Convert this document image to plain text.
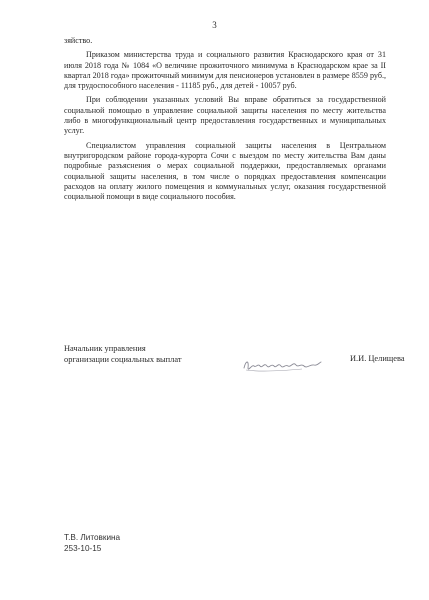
3

зяйство.

Приказом министерства труда и социального развития Краснодарского края от 31 июля 2018 года № 1084 «О величине прожиточного минимума в Краснодарском крае за II квартал 2018 года» прожиточный минимум для пенсионеров установлен в размере 8559 руб., для трудоспособного населения - 11185 руб., для детей - 10057 руб.

При соблюдении указанных условий Вы вправе обратиться за государственной социальной помощью в управление социальной защиты населения по месту жительства либо в многофункциональный центр предоставления государственных и муниципальных услуг.

Специалистом управления социальной защиты населения в Центральном внутригородском районе города-курорта Сочи с выездом по месту жительства Вам даны подробные разъяснения о мерах социальной поддержки, предоставляемых органами социальной защиты населения, в том числе о порядках предоставления компенсации расходов на оплату жилого помещения и коммунальных услуг, оказания государственной социальной помощи в виде социального пособия.

Начальник управления
организации социальных выплат	И.И. Целищева
Т.В. Литовкина
253-10-15
